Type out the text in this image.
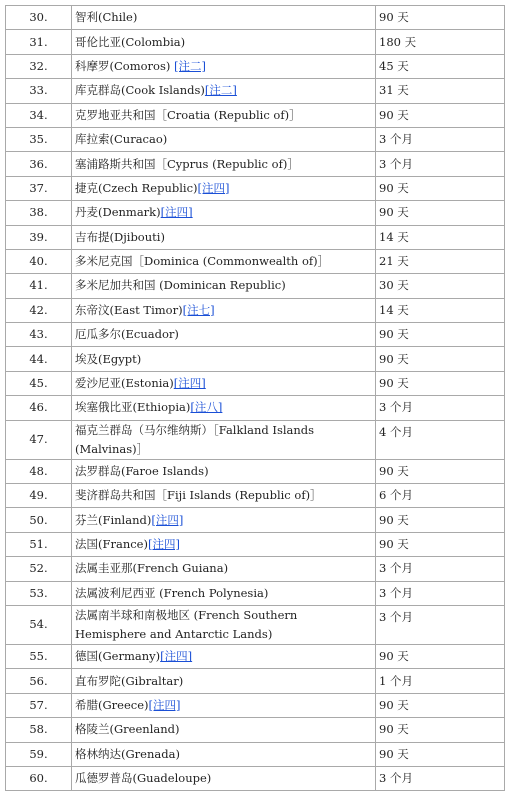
30.	智利(Chile)	90 天
31.	哥伦比亚(Colombia)	180 天
32.	科摩罗(Comoros) [注二]	45 天
33.	库克群岛(Cook Islands)[注二]	31 天
34.	克罗地亚共和国［Croatia (Republic of)］	90 天
35.	库拉索(Curacao)	3 个月
36.	塞浦路斯共和国［Cyprus (Republic of)］	3 个月
37.	捷克(Czech Republic)[注四]	90 天
38.	丹麦(Denmark)[注四]	90 天
39.	吉布提(Djibouti)	14 天
40.	多米尼克国［Dominica (Commonwealth of)］	21 天
41.	多米尼加共和国 (Dominican Republic)	30 天
42.	东帝汶(East Timor)[注七]	14 天
43.	厄瓜多尔(Ecuador)	90 天
44.	埃及(Egypt)	90 天
45.	爱沙尼亚(Estonia)[注四]	90 天
46.	埃塞俄比亚(Ethiopia)[注八]	3 个月
47.	福克兰群岛（马尔维纳斯）［Falkland Islands (Malvinas)］	4 个月
48.	法罗群岛(Faroe Islands)	90 天
49.	斐济群岛共和国［Fiji Islands (Republic of)］	6 个月
50.	芬兰(Finland)[注四]	90 天
51.	法国(France)[注四]	90 天
52.	法属圭亚那(French Guiana)	3 个月
53.	法属波利尼西亚 (French Polynesia)	3 个月
54.	法属南半球和南极地区 (French Southern Hemisphere and Antarctic Lands)	3 个月
55.	德国(Germany)[注四]	90 天
56.	直布罗陀(Gibraltar)	1 个月
57.	希腊(Greece)[注四]	90 天
58.	格陵兰(Greenland)	90 天
59.	格林纳达(Grenada)	90 天
60.	瓜德罗普岛(Guadeloupe)	3 个月
